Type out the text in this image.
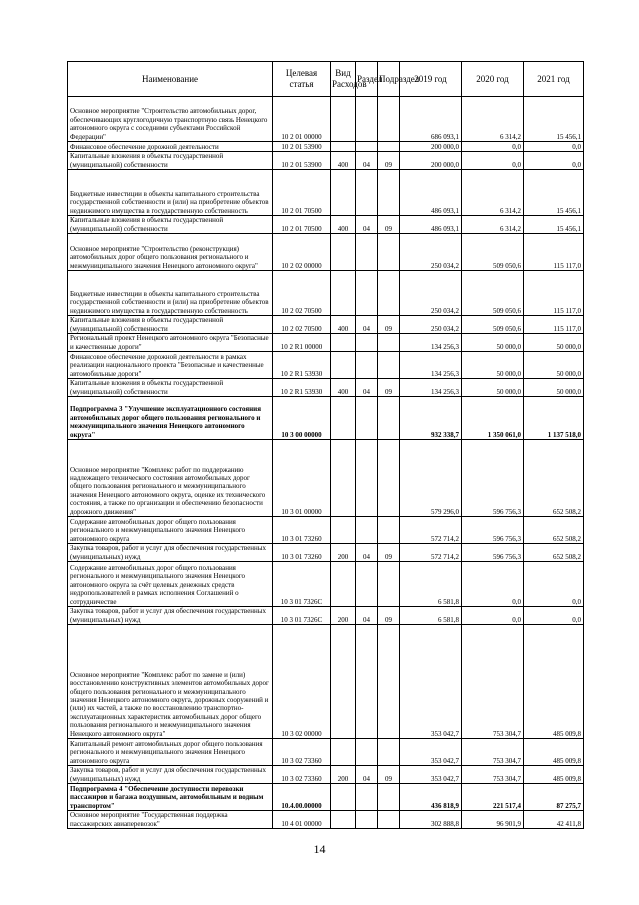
Наименование	Целевая статья	Вид Расходов	Раздел	Подраздел	2019 год	2020 год	2021 год
Основное мероприятие "Строительство автомобильных дорог, обеспечивающих круглогодичную транспортную связь Ненецкого автономного округа с соседними субъектами Российской Федерации"	10 2 01 00000				686 093,1	6 314,2	15 456,1
Финансовое обеспечение дорожной деятельности	10 2 01 53900				200 000,0	0,0	0,0
Капитальные вложения в объекты государственной (муниципальной) собственности	10 2 01 53900	400	04	09	200 000,0	0,0	0,0
Бюджетные инвестиции в объекты капитального строительства государственной собственности и (или) на приобретение объектов недвижимого имущества в государственную собственность	10 2 01 70500				486 093,1	6 314,2	15 456,1
Капитальные вложения в объекты государственной (муниципальной) собственности	10 2 01 70500	400	04	09	486 093,1	6 314,2	15 456,1
Основное мероприятие "Строительство (реконструкция) автомобильных дорог общего пользования регионального и межмуниципального значения Ненецкого автономного округа"	10 2 02 00000				250 034,2	509 050,6	115 117,0
Бюджетные инвестиции в объекты капитального строительства государственной собственности и (или) на приобретение объектов недвижимого имущества в государственную собственность	10 2 02 70500				250 034,2	509 050,6	115 117,0
Капитальные вложения в объекты государственной (муниципальной) собственности	10 2 02 70500	400	04	09	250 034,2	509 050,6	115 117,0
Региональный проект Ненецкого автономного округа "Безопасные и качественные дороги"	10 2 R1 00000				134 256,3	50 000,0	50 000,0
Финансовое обеспечение дорожной деятельности в рамках реализации национального проекта "Безопасные и качественные автомобильные дороги"	10 2 R1 53930				134 256,3	50 000,0	50 000,0
Капитальные вложения в объекты государственной (муниципальной) собственности	10 2 R1 53930	400	04	09	134 256,3	50 000,0	50 000,0
Подпрограмма 3 "Улучшение эксплуатационного состояния автомобильных дорог общего пользования регионального и межмуниципального значения Ненецкого автономного округа"	10 3 00 00000				932 338,7	1 350 061,0	1 137 518,0
Основное мероприятие "Комплекс работ по поддержанию надлежащего технического состояния автомобильных дорог общего пользования регионального и межмуниципального значения Ненецкого автономного округа, оценке их технического состояния, а также по организации и обеспечению безопасности дорожного движения"	10 3 01 00000				579 296,0	596 756,3	652 508,2
Содержание автомобильных дорог общего пользования регионального и межмуниципального значения Ненецкого автономного округа	10 3 01 73260				572 714,2	596 756,3	652 508,2
Закупка товаров, работ и услуг для обеспечения государственных (муниципальных) нужд	10 3 01 73260	200	04	09	572 714,2	596 756,3	652 508,2
Содержание автомобильных дорог общего пользования регионального и межмуниципального значения Ненецкого автономного округа за счёт целевых денежных средств недропользователей в рамках исполнения Соглашений о сотрудничестве	10 3 01 7326С				6 581,8	0,0	0,0
Закупка товаров, работ и услуг для обеспечения государственных (муниципальных) нужд	10 3 01 7326С	200	04	09	6 581,8	0,0	0,0
Основное мероприятие "Комплекс работ по замене и (или) восстановлению конструктивных элементов автомобильных дорог общего пользования регионального и межмуниципального значения Ненецкого автономного округа, дорожных сооружений и (или) их частей, а также по восстановлению транспортно-эксплуатационных характеристик автомобильных дорог общего пользования регионального и межмуниципального значения Ненецкого автономного округа"	10 3 02 00000				353 042,7	753 304,7	485 009,8
Капитальный ремонт автомобильных дорог общего пользования регионального и межмуниципального значения Ненецкого автономного округа	10 3 02 73360				353 042,7	753 304,7	485 009,8
Закупка товаров, работ и услуг для обеспечения государственных (муниципальных) нужд	10 3 02 73360	200	04	09	353 042,7	753 304,7	485 009,8
Подпрограмма 4 "Обеспечение доступности перевозки пассажиров и багажа воздушным, автомобильным и водным транспортом"	10.4.00.00000				436 818,9	221 517,4	87 275,7
Основное мероприятие "Государственная поддержка пассажирских авиаперевозок"	10 4 01 00000				302 888,8	96 901,9	42 411,8
14
